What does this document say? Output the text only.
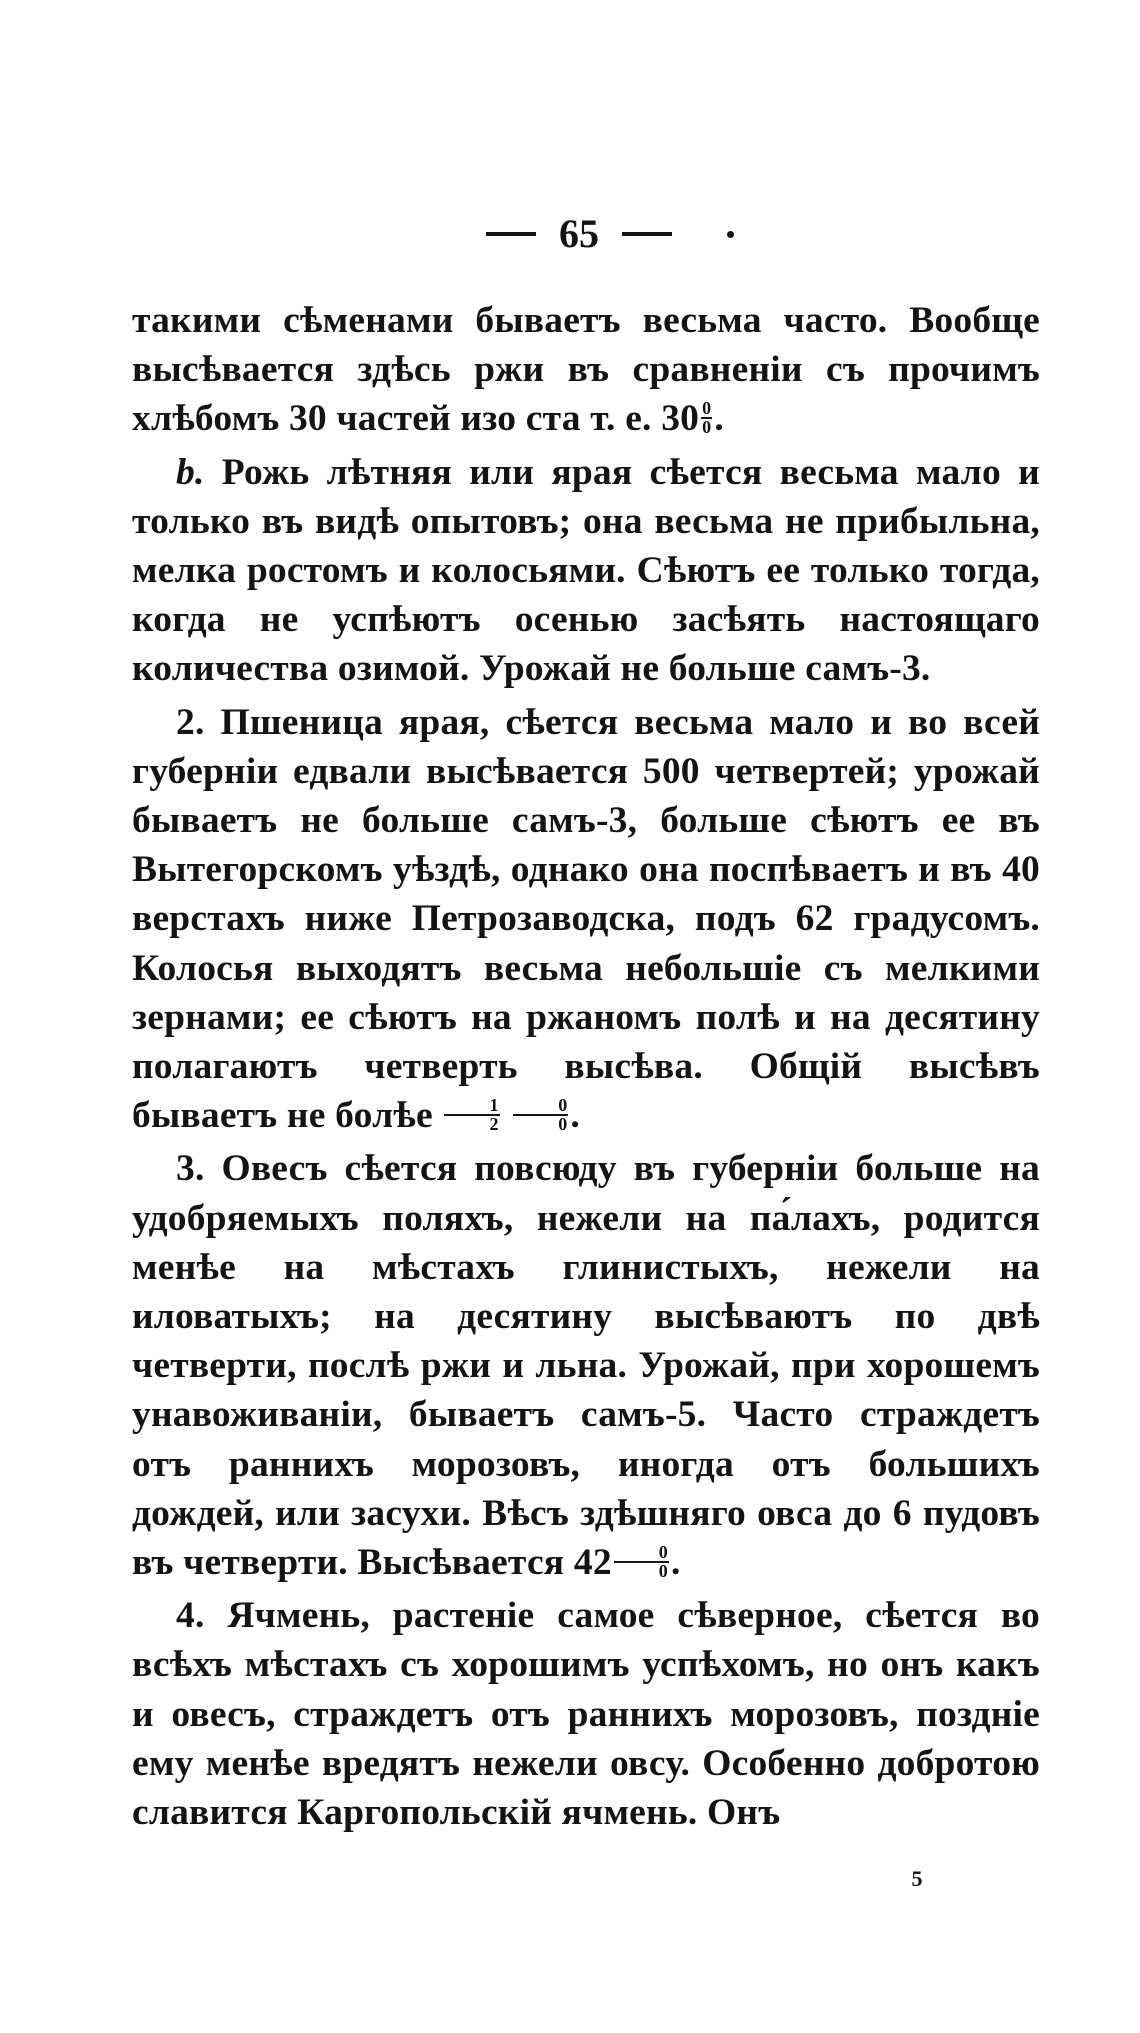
65

такими сѣменами бываетъ весьма часто. Вообще высѣвается здѣсь ржи въ сравненіи съ прочимъ хлѣбомъ 30 частей изо ста т. е. $30 \frac{0}{0}$ .

b. Рожь лѣтняя или ярая сѣется весьма мало и только въ видѣ опытовъ; она весьма не прибыльна, мелка ростомъ и колосьями. Сѣютъ ее только тогда, когда не успѣютъ осенью засѣять настоящаго количества озимой. Урожай не больше самъ-3.

2. Пшеница ярая, сѣется весьма мало и во всей губерніи едвали высѣвается 500 четвертей; урожай бываетъ не больше самъ-3, больше сѣютъ ее въ Вытегорскомъ уѣздѣ, однако она поспѣваетъ и въ 40 верстахъ ниже Петрозаводска, подъ 62 градусомъ. Колосья выходятъ весьма небольшіе съ мелкими зернами; ее сѣютъ на ржаномъ полѣ и на десятину полагаютъ четверть высѣва. Общій высѣвъ бываетъ не болѣе $\frac{1}{2}$
$\frac{0}{0}$ .

3. Овесъ сѣется повсюду въ губерніи больше на удобряемыхъ поляхъ, нежели на па́лахъ, родится менѣе на мѣстахъ глинистыхъ, нежели на иловатыхъ; на десятину высѣваютъ по двѣ четверти, послѣ ржи и льна. Урожай, при хорошемъ унавоживаніи, бываетъ самъ-5. Часто страждетъ отъ раннихъ морозовъ, иногда отъ большихъ дождей, или засухи. Вѣсъ здѣшняго овса до 6 пудовъ въ четверти. Высѣвается $42 \frac{0}{0}$ .

4. Ячмень, растеніе самое сѣверное, сѣется во всѣхъ мѣстахъ съ хорошимъ успѣхомъ, но онъ какъ и овесъ, страждетъ отъ раннихъ морозовъ, позднiе ему менѣе вредятъ нежели овсу. Особенно добротою славится Каргопольскій ячмень. Онъ

5
